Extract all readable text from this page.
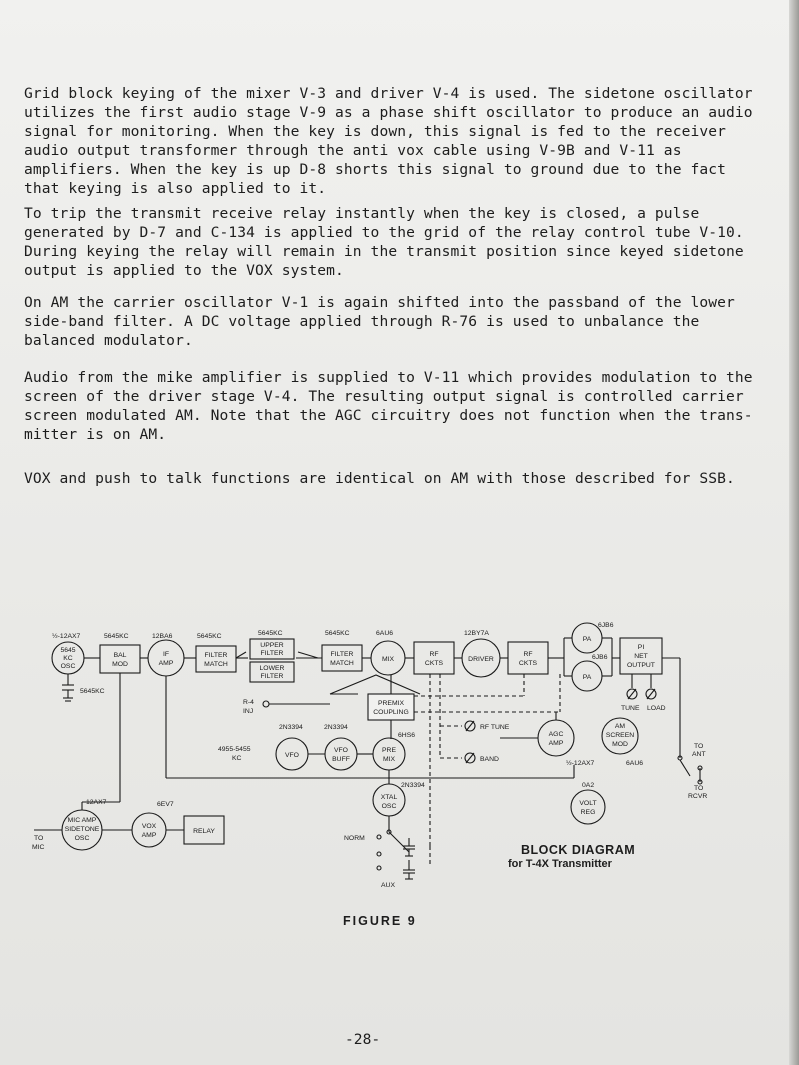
Grid block keying of the mixer V-3 and driver V-4 is used. The sidetone oscillator utilizes the first audio stage V-9 as a phase shift oscillator to produce an audio signal for monitoring. When the key is down, this signal is fed to the receiver audio output transformer through the anti vox cable using V-9B and V-11 as amplifiers. When the key is up D-8 shorts this signal to ground due to the fact that keying is also applied to it.

To trip the transmit receive relay instantly when the key is closed, a pulse generated by D-7 and C-134 is applied to the grid of the relay control tube V-10. During keying the relay will remain in the transmit position since keyed sidetone output is applied to the VOX system.

On AM the carrier oscillator V-1 is again shifted into the passband of the lower side-band filter. A DC voltage applied through R-76 is used to unbalance the balanced modulator.

Audio from the mike amplifier is supplied to V-11 which provides modulation to the screen of the driver stage V-4. The resulting output signal is controlled carrier screen modulated AM. Note that the AGC circuitry does not function when the trans-mitter is on AM.

VOX and push to talk functions are identical on AM with those described for SSB.

½-12AX7	5645KC	12BA6	5645KC	5645KC	5645KC	6AU6	12BY7A
6JB6
6JB6
5645
KC
OSC
5645KC
BAL
MOD
IF
AMP
FILTER
MATCH
UPPER
FILTER
LOWER
FILTER
FILTER
MATCH
MIX
RF
CKTS
DRIVER
RF
CKTS
PA
PA
PI
NET
OUTPUT
TUNE LOAD
PREMIX
COUPLING
R-4
INJ
RF TUNE
BAND
2N3394	2N3394
6HS6
4955-5455
KC	VFO
VFO
BUFF
PRE
MIX
2N3394
XTAL
OSC
NORM
AUX
AGC
AMP
½-12AX7
AM
SCREEN
MOD
6AU6
TO
ANT
TO
RCVR
0A2
VOLT
REG
12AX7
MIC AMP
SIDETONE
OSC
TO
MIC
6EV7
VOX
AMP
RELAY

BLOCK DIAGRAM

for T-4X Transmitter

FIGURE 9

-28-
